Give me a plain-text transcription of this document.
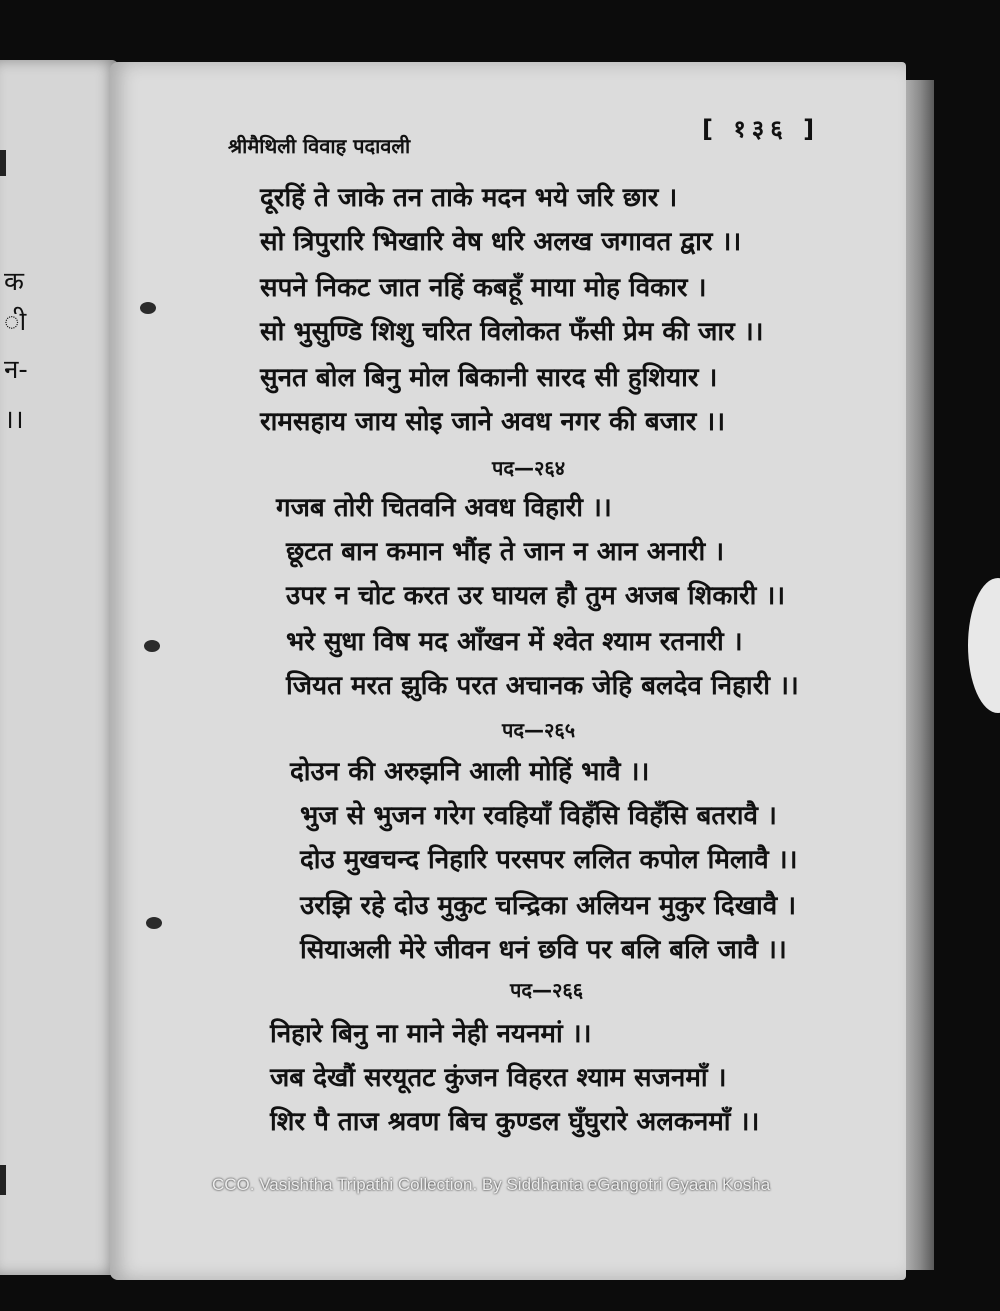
क
ी
न-
।।
श्रीमैथिली विवाह पदावली
[ १३६ ]
दूरहिं ते जाके तन ताके मदन भये जरि छार ।
सो त्रिपुरारि भिखारि वेष धरि अलख जगावत द्वार ।।
सपने निकट जात नहिं कबहूँ माया मोह विकार ।
सो भुसुण्डि शिशु चरित विलोकत फँसी प्रेम की जार ।।
सुनत बोल बिनु मोल बिकानी सारद सी हुशियार ।
रामसहाय जाय सोइ जाने अवध नगर की बजार ।।
पद—२६४
गजब तोरी चितवनि अवध विहारी ।।
छूटत बान कमान भौंह ते जान न आन अनारी ।
उपर न चोट करत उर घायल हौ तुम अजब शिकारी ।।
भरे सुधा विष मद आँखन में श्वेत श्याम रतनारी ।
जियत मरत झुकि परत अचानक जेहि बलदेव निहारी ।।
पद—२६५
दोउन की अरुझनि आली मोहिं भावै ।।
भुज से भुजन गरेग रवहियाँ विहँसि विहँसि बतरावै ।
दोउ मुखचन्द निहारि परसपर ललित कपोल मिलावै ।।
उरझि रहे दोउ मुकुट चन्द्रिका अलियन मुकुर दिखावै ।
सियाअली मेरे जीवन धनं छवि पर बलि बलि जावै ।।
पद—२६६
निहारे बिनु ना माने नेही नयनमां ।।
जब देखौं सरयूतट कुंजन विहरत श्याम सजनमाँ ।
शिर पै ताज श्रवण बिच कुण्डल घुँघुरारे अलकनमाँ ।।
CCO. Vasishtha Tripathi Collection. By Siddhanta eGangotri Gyaan Kosha
